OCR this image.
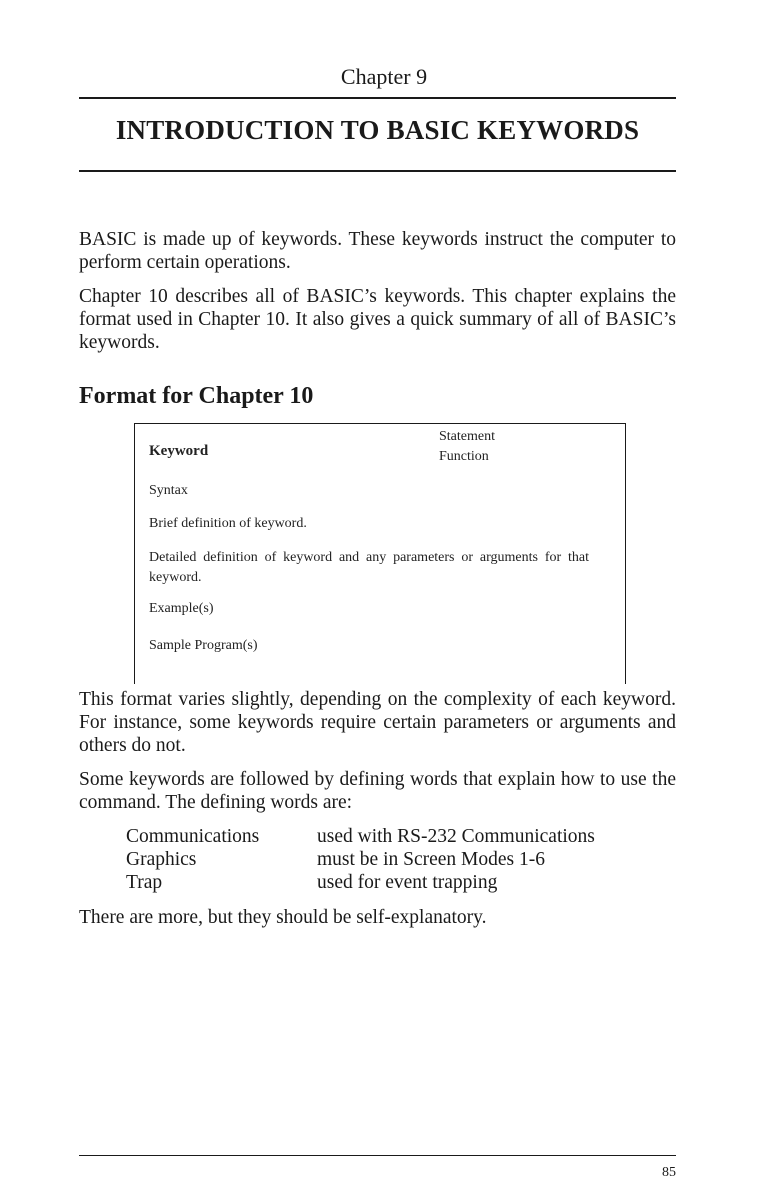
Chapter 9
INTRODUCTION TO BASIC KEYWORDS

BASIC is made up of keywords. These keywords instruct the computer to perform certain operations.

Chapter 10 describes all of BASIC’s keywords. This chapter explains the format used in Chapter 10. It also gives a quick summary of all of BASIC’s keywords.

Format for Chapter 10
Keyword
Statement
Function
Syntax
Brief definition of keyword.
Detailed definition of keyword and any parameters or arguments for that keyword.
Example(s)
Sample Program(s)

This format varies slightly, depending on the complexity of each keyword. For instance, some keywords require certain parameters or arguments and others do not.

Some keywords are followed by defining words that explain how to use the command. The defining words are:

Communications	used with RS-232 Communications
Graphics	must be in Screen Modes 1-6
Trap	used for event trapping

There are more, but they should be self-explanatory.

85
